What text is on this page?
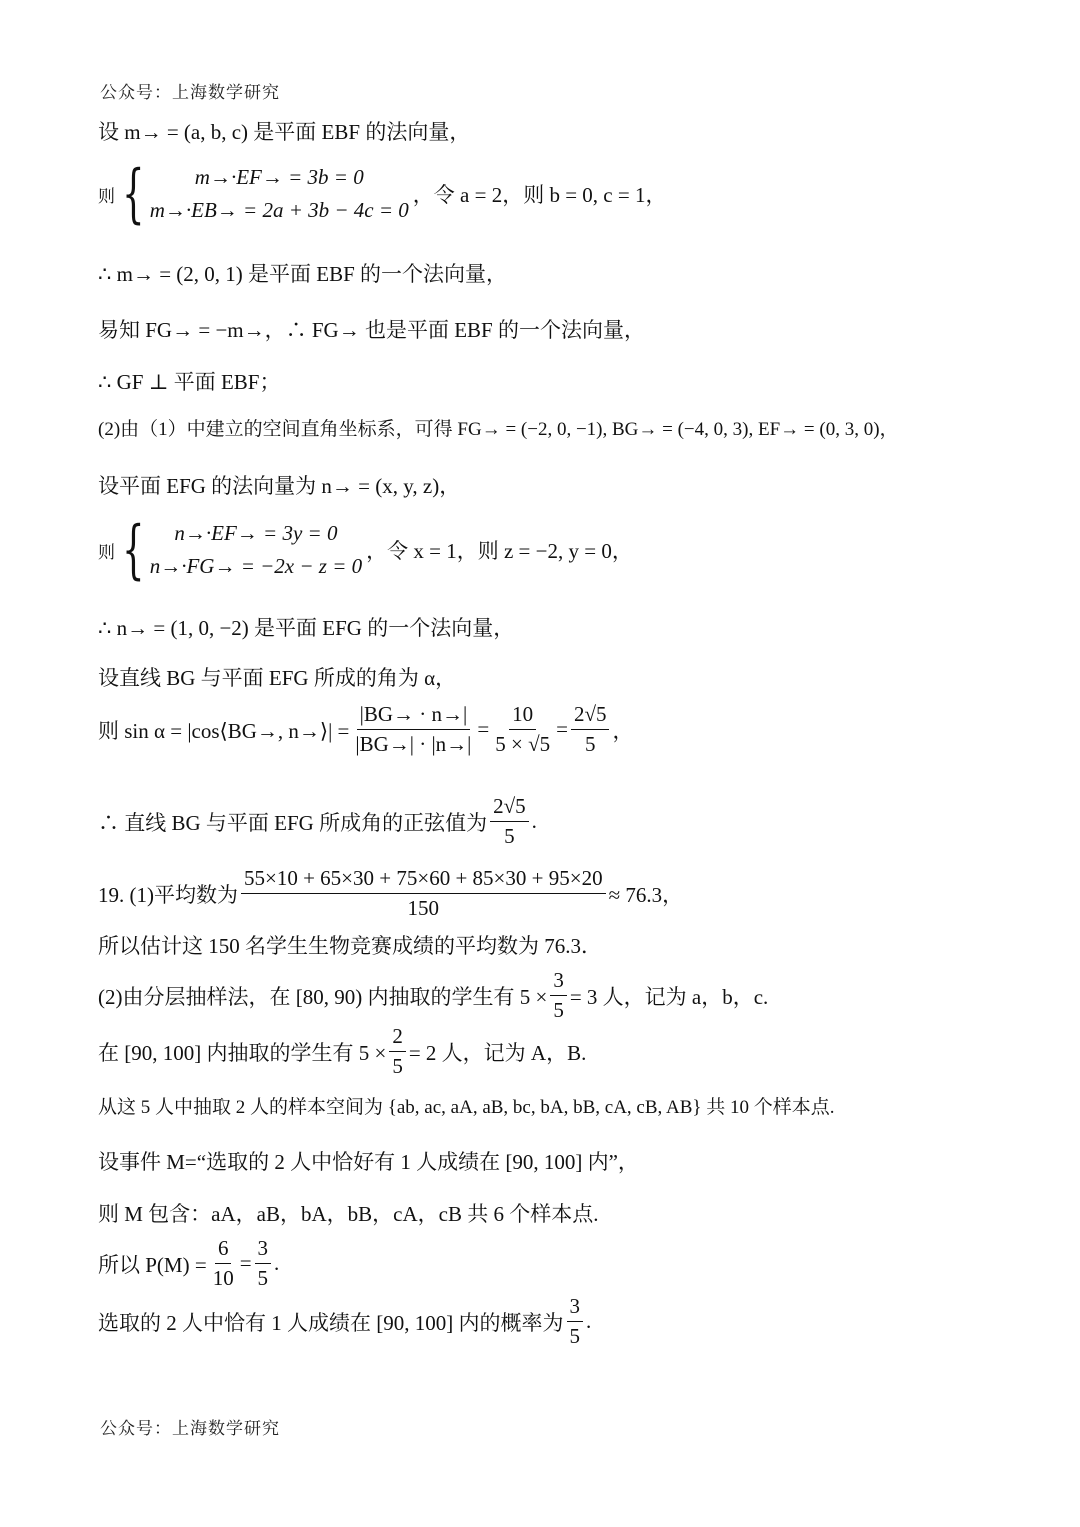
公众号：上海数学研究
设 m→ = (a, b, c) 是平面 EBF 的法向量，
则 {	m→·EF→ = 3b = 0
m→·EB→ = 2a + 3b − 4c = 0
，令 a = 2，则 b = 0, c = 1，
∴ m→ = (2, 0, 1) 是平面 EBF 的一个法向量，
易知 FG→ = −m→，∴ FG→ 也是平面 EBF 的一个法向量，
∴ GF ⊥ 平面 EBF；
(2)由（1）中建立的空间直角坐标系，可得 FG→ = (−2, 0, −1), BG→ = (−4, 0, 3), EF→ = (0, 3, 0)，
设平面 EFG 的法向量为 n→ = (x, y, z)，
则 {	n→·EF→ = 3y = 0
n→·FG→ = −2x − z = 0
，令 x = 1，则 z = −2, y = 0，
∴ n→ = (1, 0, −2) 是平面 EFG 的一个法向量，
设直线 BG 与平面 EFG 所成的角为 α，
则 sin α = |cos⟨BG→, n→⟩| = $\frac{|BG\to \cdot n\to|}{|BG\to| \cdot |n\to|} = \frac{10}{5 \times √5} = \frac{2√5}{5}$ ，
∴ 直线 BG 与平面 EFG 所成角的正弦值为 $\frac{2√5}{5}$ .
19. (1)平均数为 $\frac{55\times 10 + 65\times 30 + 75\times 60 + 85\times 30 + 95\times 20}{150} \approx 76.3$，
所以估计这 150 名学生生物竞赛成绩的平均数为 76.3．
(2)由分层抽样法，在 [80, 90) 内抽取的学生有 $5 \times \frac{3}{5} = 3$ 人，记为 a，b，c.
在 [90, 100] 内抽取的学生有 $5 \times \frac{2}{5} = 2$ 人，记为 A，B.
从这 5 人中抽取 2 人的样本空间为 {ab, ac, aA, aB, bc, bA, bB, cA, cB, AB} 共 10 个样本点.
设事件 M=“选取的 2 人中恰好有 1 人成绩在 [90, 100] 内”，
则 M 包含：aA，aB，bA，bB，cA，cB 共 6 个样本点.
所以 $P(M) = \frac{6}{10} = \frac{3}{5}$ .
选取的 2 人中恰有 1 人成绩在 [90, 100] 内的概率为 $\frac{3}{5}$ .
公众号：上海数学研究
